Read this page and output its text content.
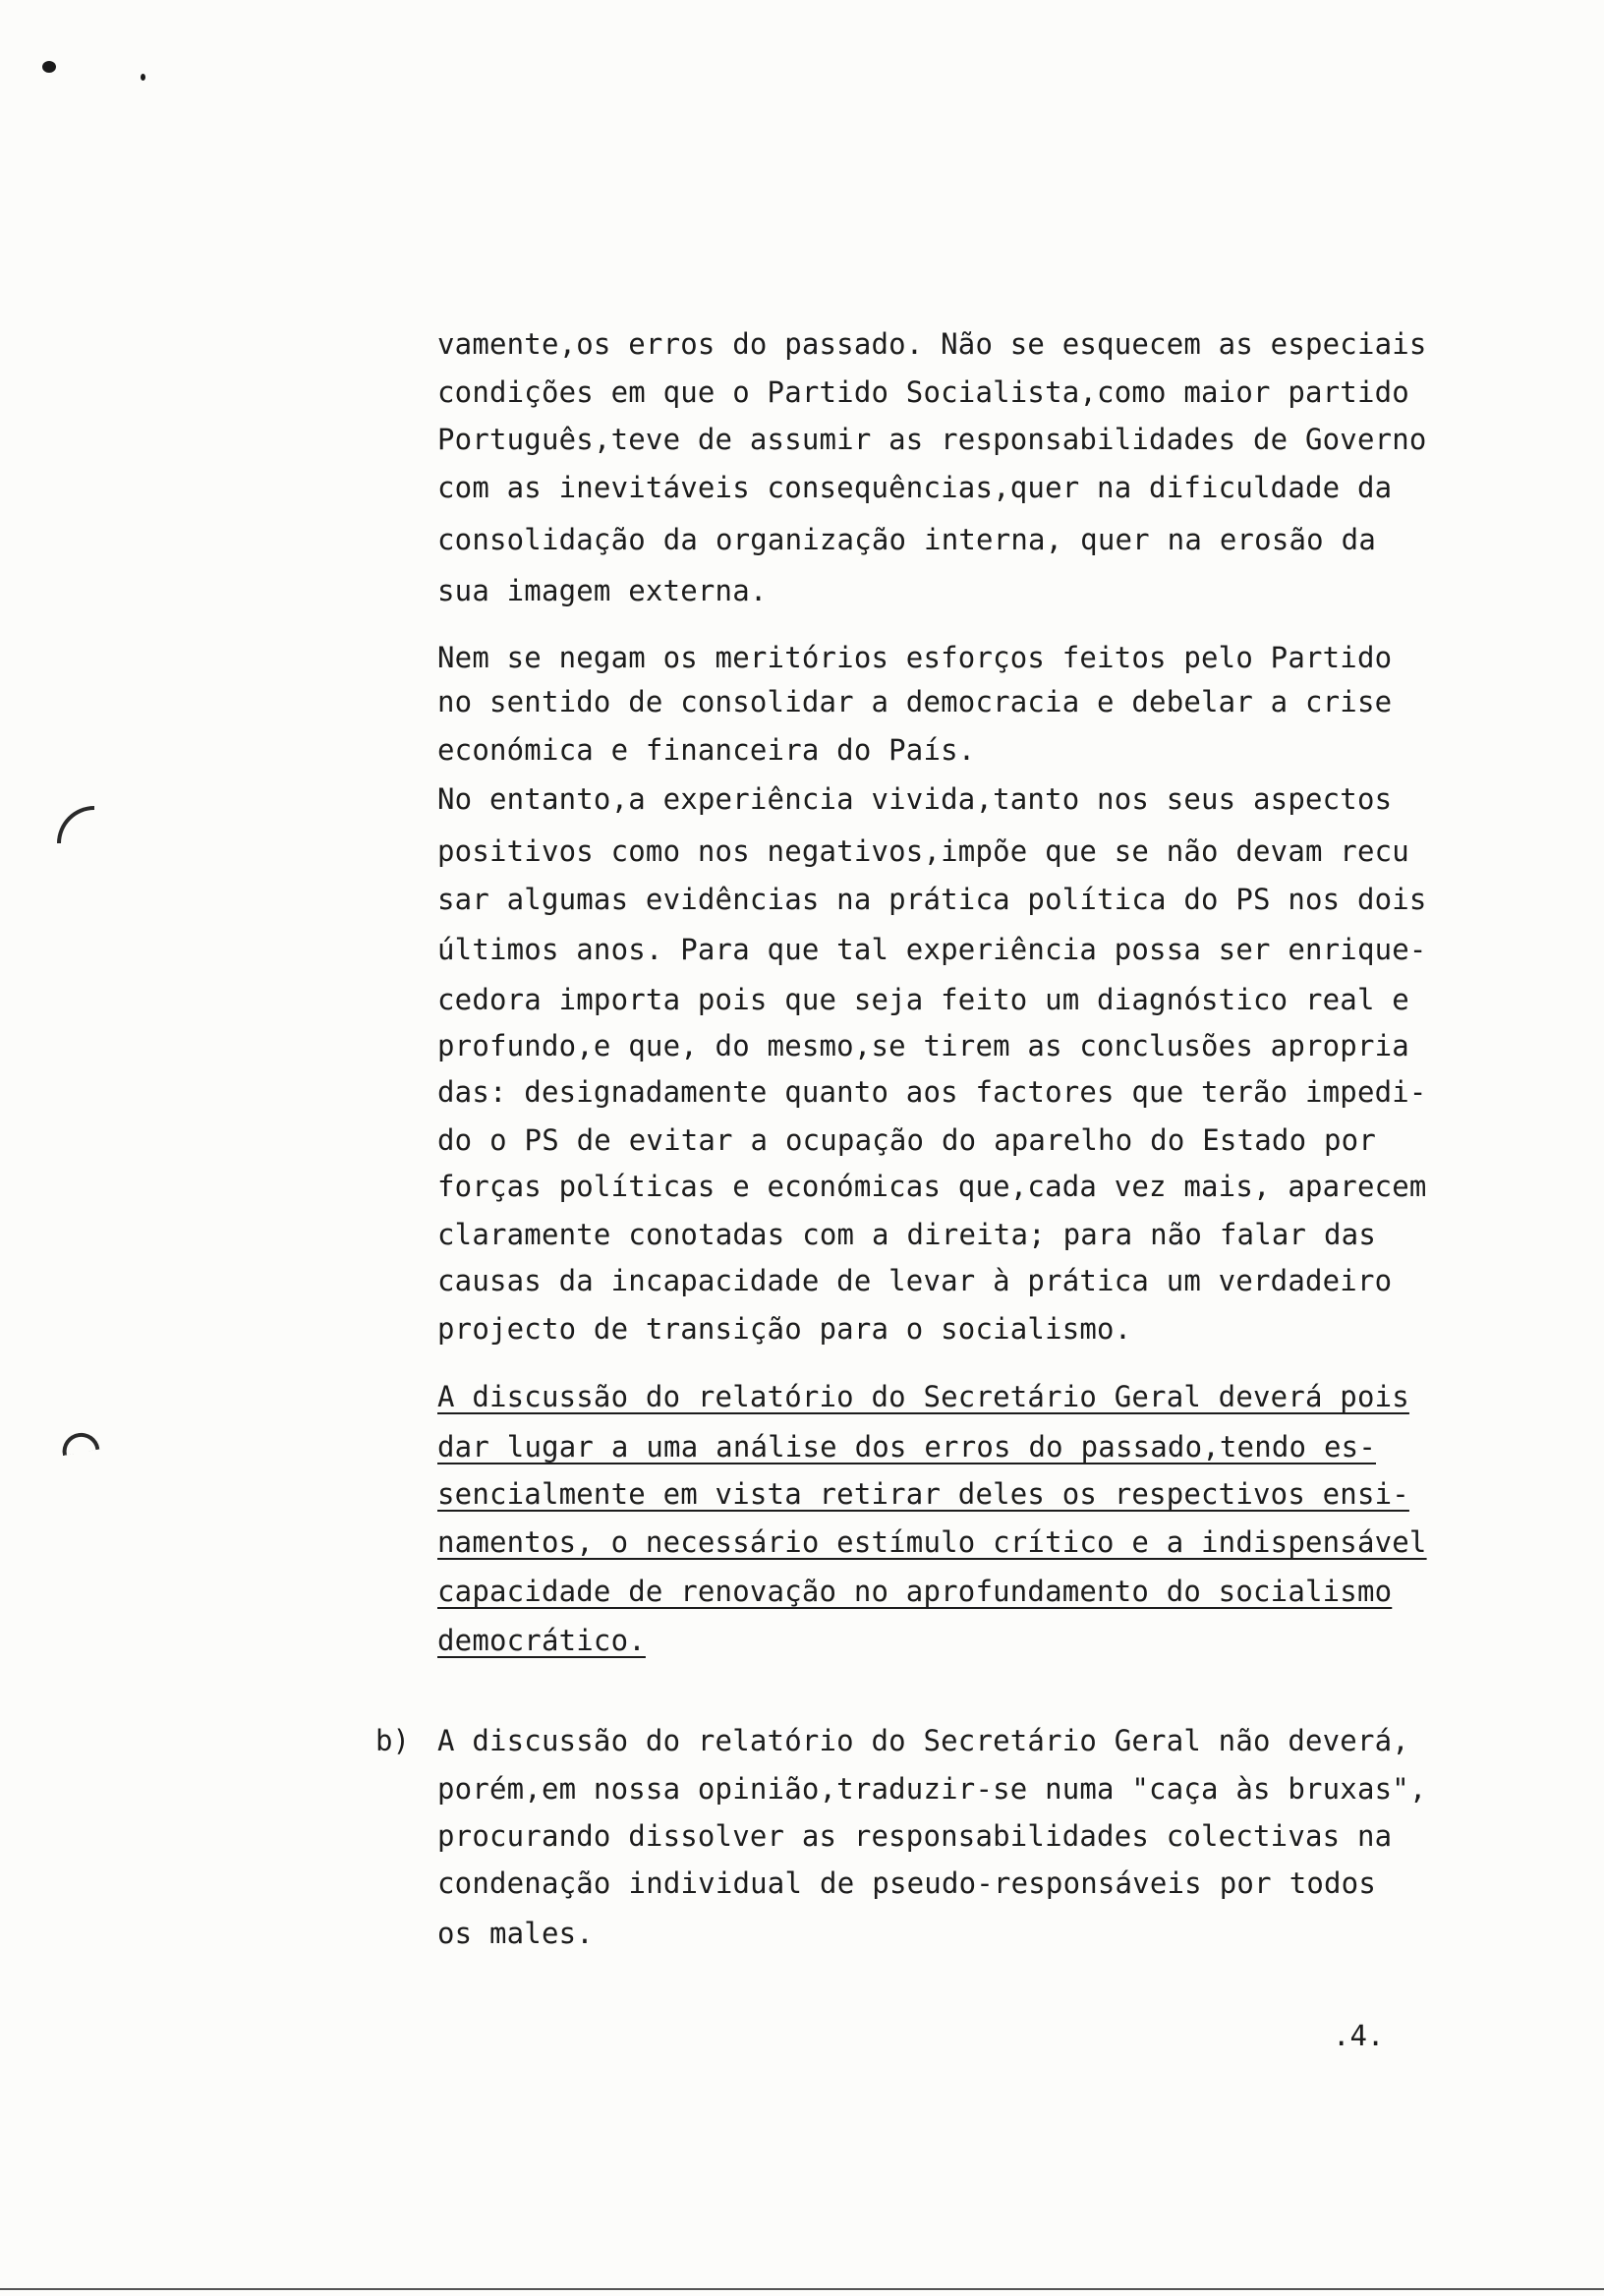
vamente,os erros do passado. Não se esquecem as especiais
condições em que o Partido Socialista,como maior partido
Português,teve de assumir as responsabilidades de Governo
com as inevitáveis consequências,quer na dificuldade da
consolidação da organização interna, quer na erosão da
sua imagem externa.
Nem se negam os meritórios esforços feitos pelo Partido
no sentido de consolidar a democracia e debelar a crise
económica e financeira do País.
No entanto,a experiência vivida,tanto nos seus aspectos
positivos como nos negativos,impõe que se não devam recu
sar algumas evidências na prática política do PS nos dois
últimos anos. Para que tal experiência possa ser enrique-
cedora importa pois que seja feito um diagnóstico real e
profundo,e que, do mesmo,se tirem as conclusões apropria
das: designadamente quanto aos factores que terão impedi-
do o PS de evitar a ocupação do aparelho do Estado por
forças políticas e económicas que,cada vez mais, aparecem
claramente conotadas com a direita; para não falar das
causas da incapacidade de levar à prática um verdadeiro
projecto de transição para o socialismo.
A discussão do relatório do Secretário Geral deverá pois
dar lugar a uma análise dos erros do passado,tendo es-
sencialmente em vista retirar deles os respectivos ensi-
namentos, o necessário estímulo crítico e a indispensável
capacidade de renovação no aprofundamento do socialismo
democrático.
b) A discussão do relatório do Secretário Geral não deverá,
porém,em nossa opinião,traduzir-se numa "caça às bruxas",
procurando dissolver as responsabilidades colectivas na
condenação individual de pseudo-responsáveis por todos
os males.
.4.
